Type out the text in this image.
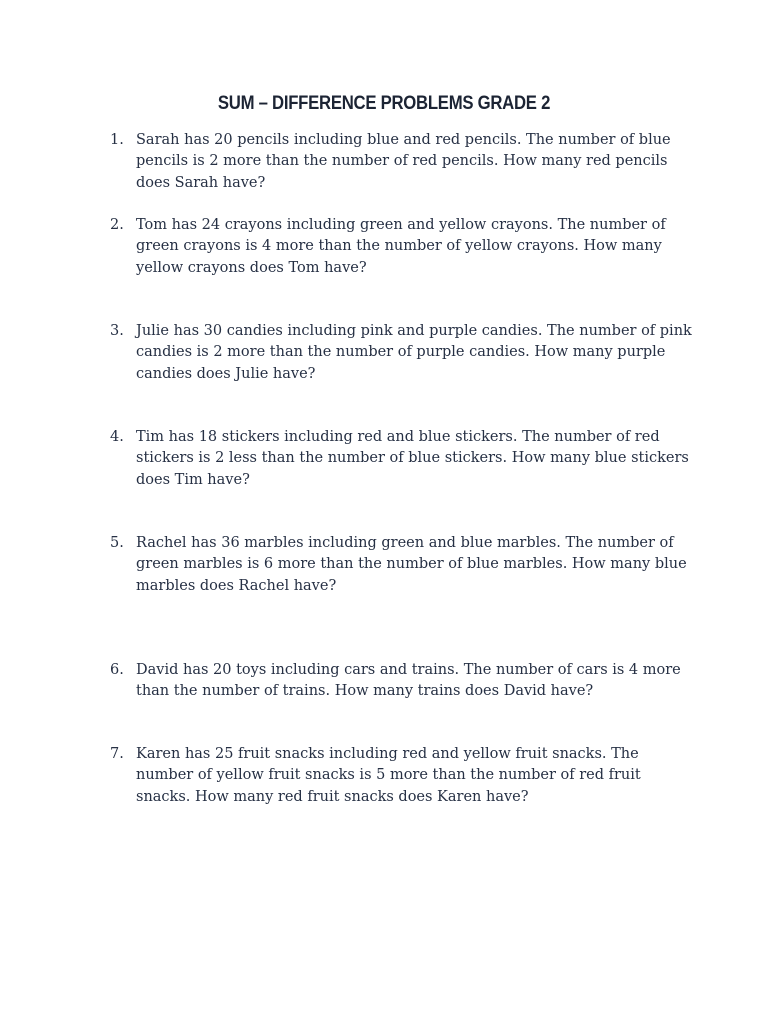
SUM – DIFFERENCE PROBLEMS GRADE 2
1. Sarah has 20 pencils including blue and red pencils. The number of blue
pencils is 2 more than the number of red pencils. How many red pencils
does Sarah have?
2. Tom has 24 crayons including green and yellow crayons. The number of
green crayons is 4 more than the number of yellow crayons. How many
yellow crayons does Tom have?
3. Julie has 30 candies including pink and purple candies. The number of pink
candies is 2 more than the number of purple candies. How many purple
candies does Julie have?
4. Tim has 18 stickers including red and blue stickers. The number of red
stickers is 2 less than the number of blue stickers. How many blue stickers
does Tim have?
5. Rachel has 36 marbles including green and blue marbles. The number of
green marbles is 6 more than the number of blue marbles. How many blue
marbles does Rachel have?
6. David has 20 toys including cars and trains. The number of cars is 4 more
than the number of trains. How many trains does David have?
7. Karen has 25 fruit snacks including red and yellow fruit snacks. The
number of yellow fruit snacks is 5 more than the number of red fruit
snacks. How many red fruit snacks does Karen have?
